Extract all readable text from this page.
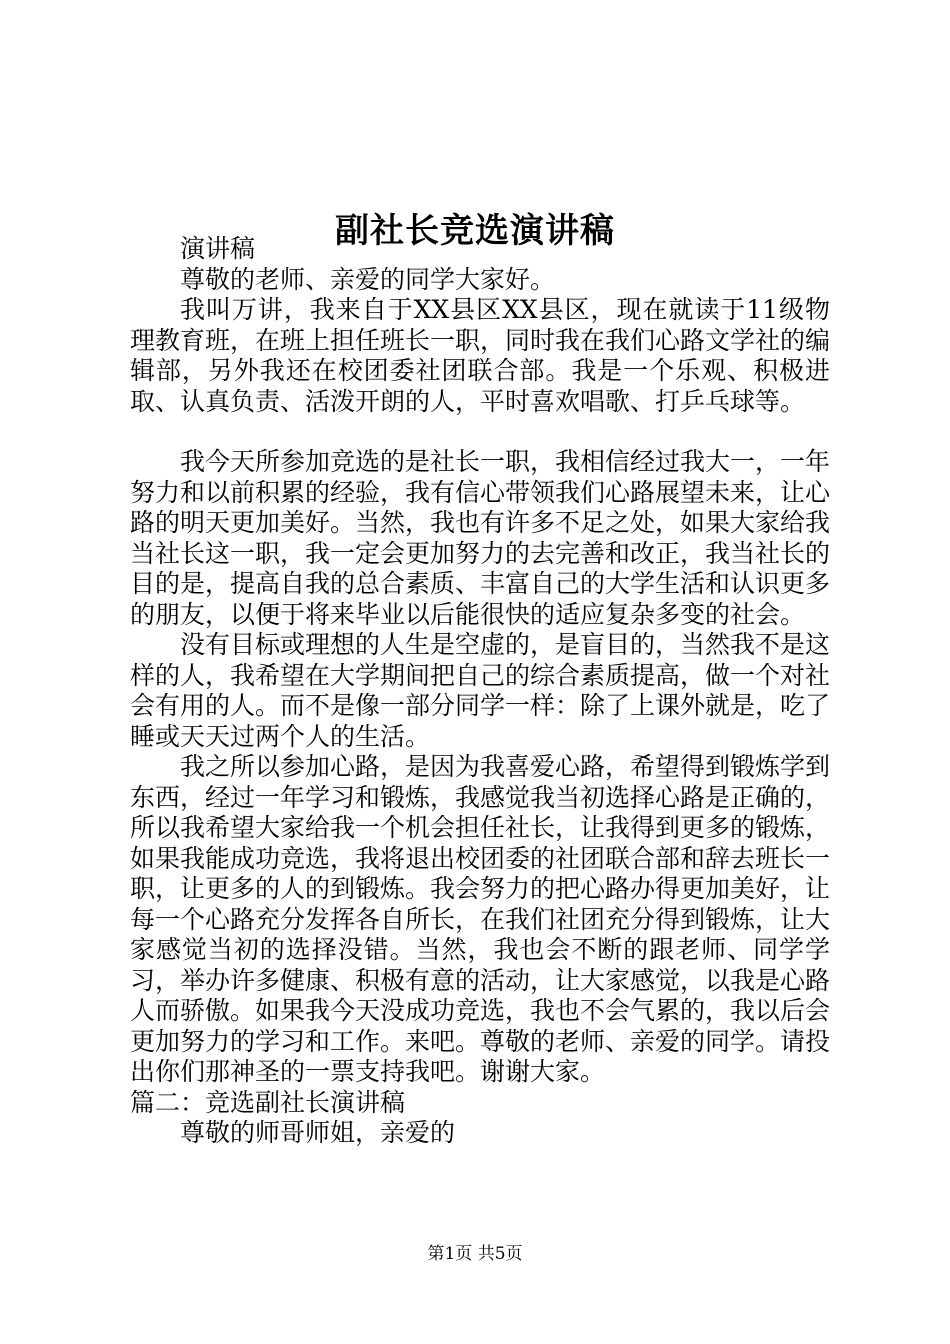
副社长竞选演讲稿

演讲稿

尊敬的老师、亲爱的同学大家好。

我叫万讲，我来自于XX县区XX县区，现在就读于11级物理教育班，在班上担任班长一职，同时我在我们心路文学社的编辑部，另外我还在校团委社团联合部。我是一个乐观、积极进取、认真负责、活泼开朗的人，平时喜欢唱歌、打乒乓球等。

我今天所参加竞选的是社长一职，我相信经过我大一，一年努力和以前积累的经验，我有信心带领我们心路展望未来，让心路的明天更加美好。当然，我也有许多不足之处，如果大家给我当社长这一职，我一定会更加努力的去完善和改正，我当社长的目的是，提高自我的总合素质、丰富自己的大学生活和认识更多的朋友，以便于将来毕业以后能很快的适应复杂多变的社会。

没有目标或理想的人生是空虚的，是盲目的，当然我不是这样的人，我希望在大学期间把自己的综合素质提高，做一个对社会有用的人。而不是像一部分同学一样：除了上课外就是，吃了睡或天天过两个人的生活。

我之所以参加心路，是因为我喜爱心路，希望得到锻炼学到东西，经过一年学习和锻炼，我感觉我当初选择心路是正确的，所以我希望大家给我一个机会担任社长，让我得到更多的锻炼，如果我能成功竞选，我将退出校团委的社团联合部和辞去班长一职，让更多的人的到锻炼。我会努力的把心路办得更加美好，让每一个心路充分发挥各自所长，在我们社团充分得到锻炼，让大家感觉当初的选择没错。当然，我也会不断的跟老师、同学学习，举办许多健康、积极有意的活动，让大家感觉，以我是心路人而骄傲。如果我今天没成功竞选，我也不会气累的，我以后会更加努力的学习和工作。来吧。尊敬的老师、亲爱的同学。请投出你们那神圣的一票支持我吧。谢谢大家。

篇二：竞选副社长演讲稿

尊敬的师哥师姐，亲爱的

第1页 共5页
